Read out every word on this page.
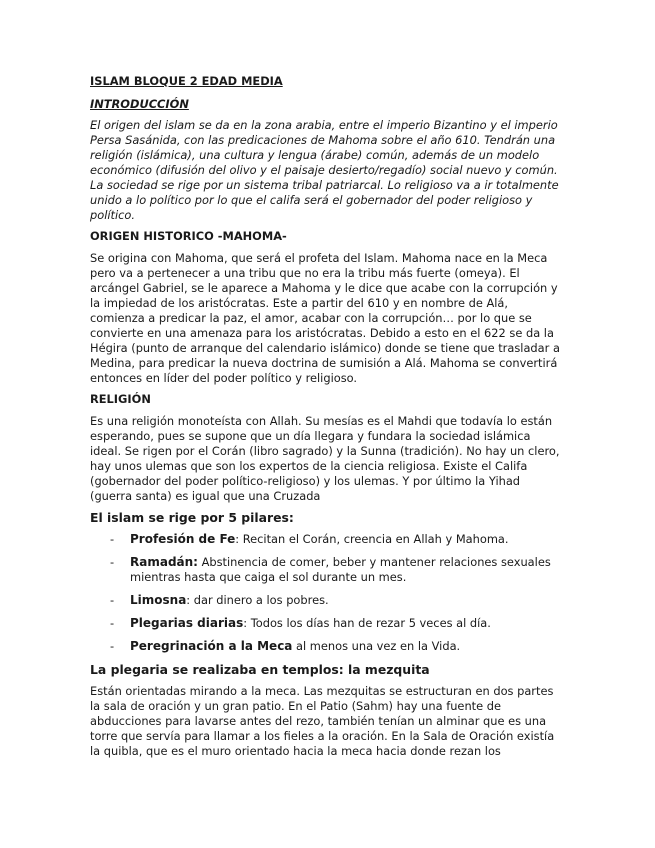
ISLAM BLOQUE 2 EDAD MEDIA
INTRODUCCIÓN
El origen del islam se da en la zona arabia, entre el imperio Bizantino y el imperio Persa Sasánida, con las predicaciones de Mahoma sobre el año 610. Tendrán una religión (islámica), una cultura y lengua (árabe) común, además de un modelo económico (difusión del olivo y el paisaje desierto/regadío) social nuevo y común. La sociedad se rige por un sistema tribal patriarcal. Lo religioso va a ir totalmente unido a lo político por lo que el califa será el gobernador del poder religioso y político.
ORIGEN HISTORICO -MAHOMA-
Se origina con Mahoma, que será el profeta del Islam. Mahoma nace en la Meca pero va a pertenecer a una tribu que no era la tribu más fuerte (omeya). El arcángel Gabriel, se le aparece a Mahoma y le dice que acabe con la corrupción y la impiedad de los aristócratas. Este a partir del 610 y en nombre de Alá, comienza a predicar la paz, el amor, acabar con la corrupción… por lo que se convierte en una amenaza para los aristócratas. Debido a esto en el 622 se da la Hégira (punto de arranque del calendario islámico) donde se tiene que trasladar a Medina, para predicar la nueva doctrina de sumisión a Alá. Mahoma se convertirá entonces en líder del poder político y religioso.
RELIGIÓN
Es una religión monoteísta con Allah. Su mesías es el Mahdi que todavía lo están esperando, pues se supone que un día llegara y fundara la sociedad islámica ideal. Se rigen por el Corán (libro sagrado) y la Sunna (tradición). No hay un clero, hay unos ulemas que son los expertos de la ciencia religiosa. Existe el Califa (gobernador del poder político-religioso) y los ulemas. Y por último la Yihad (guerra santa) es igual que una Cruzada
El islam se rige por 5 pilares:
- Profesión de Fe: Recitan el Corán, creencia en Allah y Mahoma.
- Ramadán: Abstinencia de comer, beber y mantener relaciones sexuales mientras hasta que caiga el sol durante un mes.
- Limosna: dar dinero a los pobres.
- Plegarias diarias: Todos los días han de rezar 5 veces al día.
- Peregrinación a la Meca al menos una vez en la Vida.
La plegaria se realizaba en templos: la mezquita
Están orientadas mirando a la meca. Las mezquitas se estructuran en dos partes la sala de oración y un gran patio. En el Patio (Sahm) hay una fuente de abducciones para lavarse antes del rezo, también tenían un alminar que es una torre que servía para llamar a los fieles a la oración. En la Sala de Oración existía la quibla, que es el muro orientado hacia la meca hacia donde rezan los
